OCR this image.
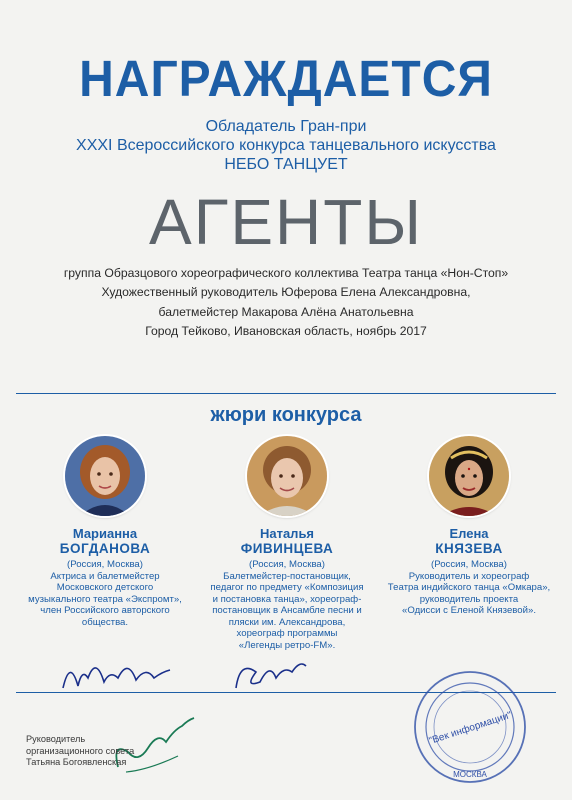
НАГРАЖДАЕТСЯ
Обладатель Гран-при
XXXI Всероссийского конкурса танцевального искусства
НЕБО ТАНЦУЕТ
АГЕНТЫ
группа Образцового хореографического коллектива Театра танца «Нон-Стоп»
Художественный руководитель Юферова Елена Александровна,
балетмейстер Макарова Алёна Анатольевна
Город Тейково, Ивановская область, ноябрь 2017
жюри конкурса
Марианна
БОГДАНОВА
(Россия, Москва)
Актриса и балетмейстер
Московского детского
музыкального театра «Экспромт»,
член Российского авторского
общества.
Наталья
ФИВИНЦЕВА
(Россия, Москва)
Балетмейстер-постановщик,
педагог по предмету «Композиция
и постановка танца», хореограф-
постановщик в Ансамбле песни и
пляски им. Александрова,
хореограф программы
«Легенды ретро-FM».
Елена
КНЯЗЕВА
(Россия, Москва)
Руководитель и хореограф
Театра индийского танца «Омкара»,
руководитель проекта
«Одисси с Еленой Князевой».
Руководитель
организационного совета
Татьяна Богоявленская
"Век информации"
МОСКВА
